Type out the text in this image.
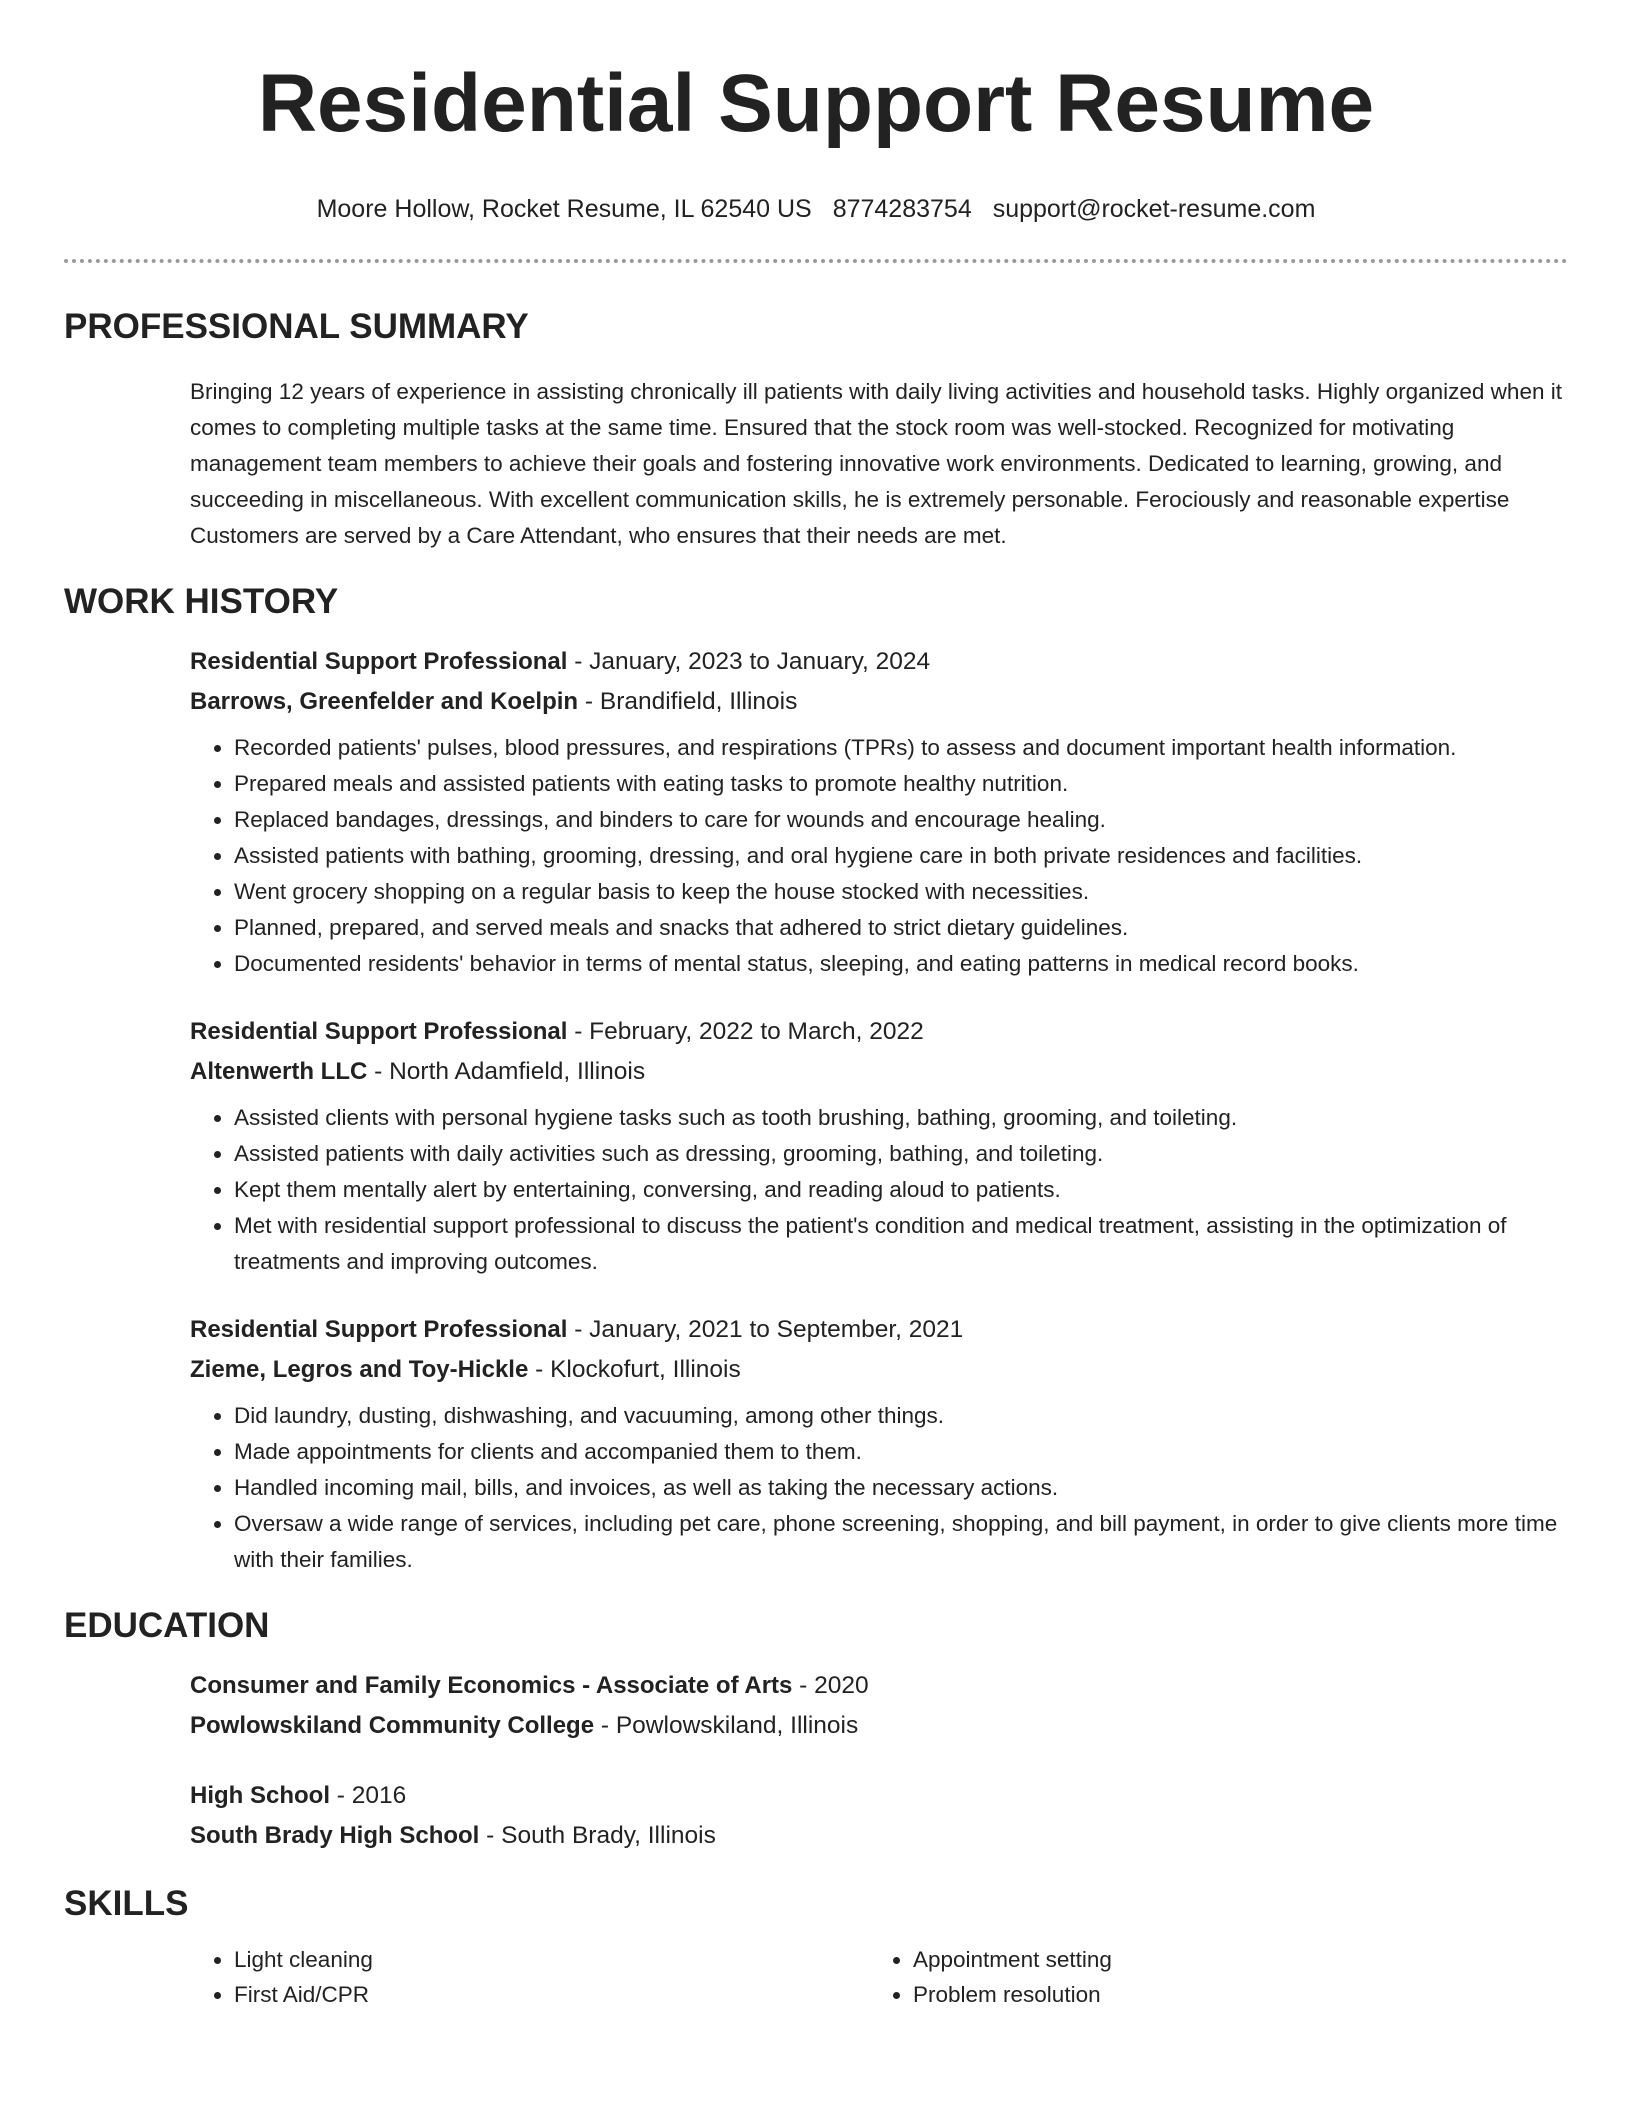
Residential Support Resume
Moore Hollow, Rocket Resume, IL 62540 US 8774283754 support@rocket-resume.com
PROFESSIONAL SUMMARY

Bringing 12 years of experience in assisting chronically ill patients with daily living activities and household tasks. Highly organized when it comes to completing multiple tasks at the same time. Ensured that the stock room was well-stocked. Recognized for motivating management team members to achieve their goals and fostering innovative work environments. Dedicated to learning, growing, and succeeding in miscellaneous. With excellent communication skills, he is extremely personable. Ferociously and reasonable expertise Customers are served by a Care Attendant, who ensures that their needs are met.

WORK HISTORY
Residential Support Professional - January, 2023 to January, 2024
Barrows, Greenfelder and Koelpin - Brandifield, Illinois
• Recorded patients' pulses, blood pressures, and respirations (TPRs) to assess and document important health information.
• Prepared meals and assisted patients with eating tasks to promote healthy nutrition.
• Replaced bandages, dressings, and binders to care for wounds and encourage healing.
• Assisted patients with bathing, grooming, dressing, and oral hygiene care in both private residences and facilities.
• Went grocery shopping on a regular basis to keep the house stocked with necessities.
• Planned, prepared, and served meals and snacks that adhered to strict dietary guidelines.
• Documented residents' behavior in terms of mental status, sleeping, and eating patterns in medical record books.
Residential Support Professional - February, 2022 to March, 2022
Altenwerth LLC - North Adamfield, Illinois
• Assisted clients with personal hygiene tasks such as tooth brushing, bathing, grooming, and toileting.
• Assisted patients with daily activities such as dressing, grooming, bathing, and toileting.
• Kept them mentally alert by entertaining, conversing, and reading aloud to patients.
• Met with residential support professional to discuss the patient's condition and medical treatment, assisting in the optimization of treatments and improving outcomes.
Residential Support Professional - January, 2021 to September, 2021
Zieme, Legros and Toy-Hickle - Klockofurt, Illinois
• Did laundry, dusting, dishwashing, and vacuuming, among other things.
• Made appointments for clients and accompanied them to them.
• Handled incoming mail, bills, and invoices, as well as taking the necessary actions.
• Oversaw a wide range of services, including pet care, phone screening, shopping, and bill payment, in order to give clients more time with their families.
EDUCATION
Consumer and Family Economics - Associate of Arts - 2020
Powlowskiland Community College - Powlowskiland, Illinois
High School - 2016
South Brady High School - South Brady, Illinois
SKILLS
• Light cleaning
• First Aid/CPR
• Appointment setting
• Problem resolution
